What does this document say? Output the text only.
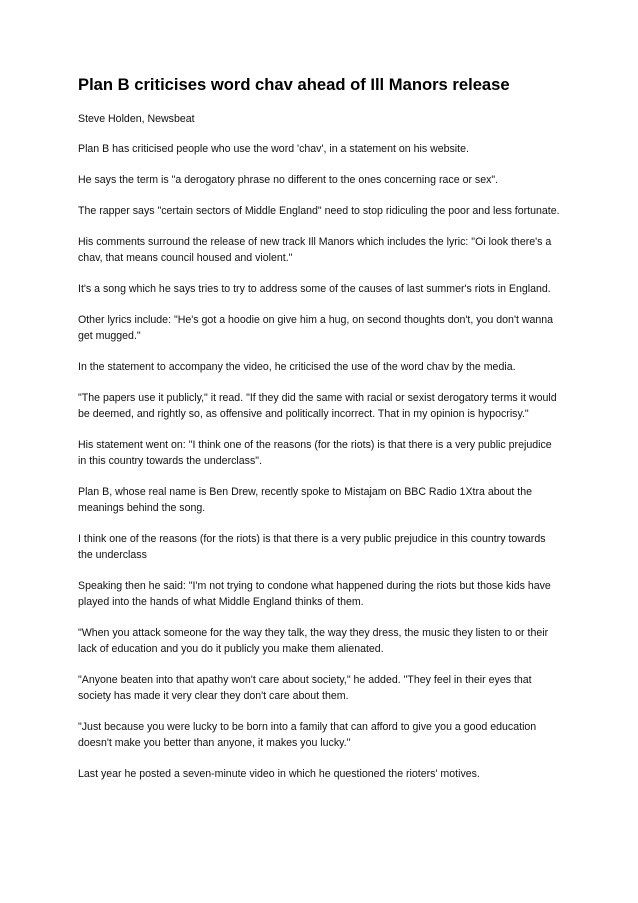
Plan B criticises word chav ahead of Ill Manors release

Steve Holden, Newsbeat

Plan B has criticised people who use the word 'chav', in a statement on his website.

He says the term is "a derogatory phrase no different to the ones concerning race or sex".

The rapper says "certain sectors of Middle England" need to stop ridiculing the poor and less fortunate.

His comments surround the release of new track Ill Manors which includes the lyric: "Oi look there's a chav, that means council housed and violent."

It's a song which he says tries to try to address some of the causes of last summer's riots in England.

Other lyrics include: "He's got a hoodie on give him a hug, on second thoughts don't, you don't wanna get mugged."

In the statement to accompany the video, he criticised the use of the word chav by the media.

"The papers use it publicly," it read. "If they did the same with racial or sexist derogatory terms it would be deemed, and rightly so, as offensive and politically incorrect. That in my opinion is hypocrisy."

His statement went on: "I think one of the reasons (for the riots) is that there is a very public prejudice in this country towards the underclass".

Plan B, whose real name is Ben Drew, recently spoke to Mistajam on BBC Radio 1Xtra about the meanings behind the song.

I think one of the reasons (for the riots) is that there is a very public prejudice in this country towards the underclass

Speaking then he said: "I'm not trying to condone what happened during the riots but those kids have played into the hands of what Middle England thinks of them.

"When you attack someone for the way they talk, the way they dress, the music they listen to or their lack of education and you do it publicly you make them alienated.

"Anyone beaten into that apathy won't care about society," he added. "They feel in their eyes that society has made it very clear they don't care about them.

"Just because you were lucky to be born into a family that can afford to give you a good education doesn't make you better than anyone, it makes you lucky."

Last year he posted a seven-minute video in which he questioned the rioters' motives.
